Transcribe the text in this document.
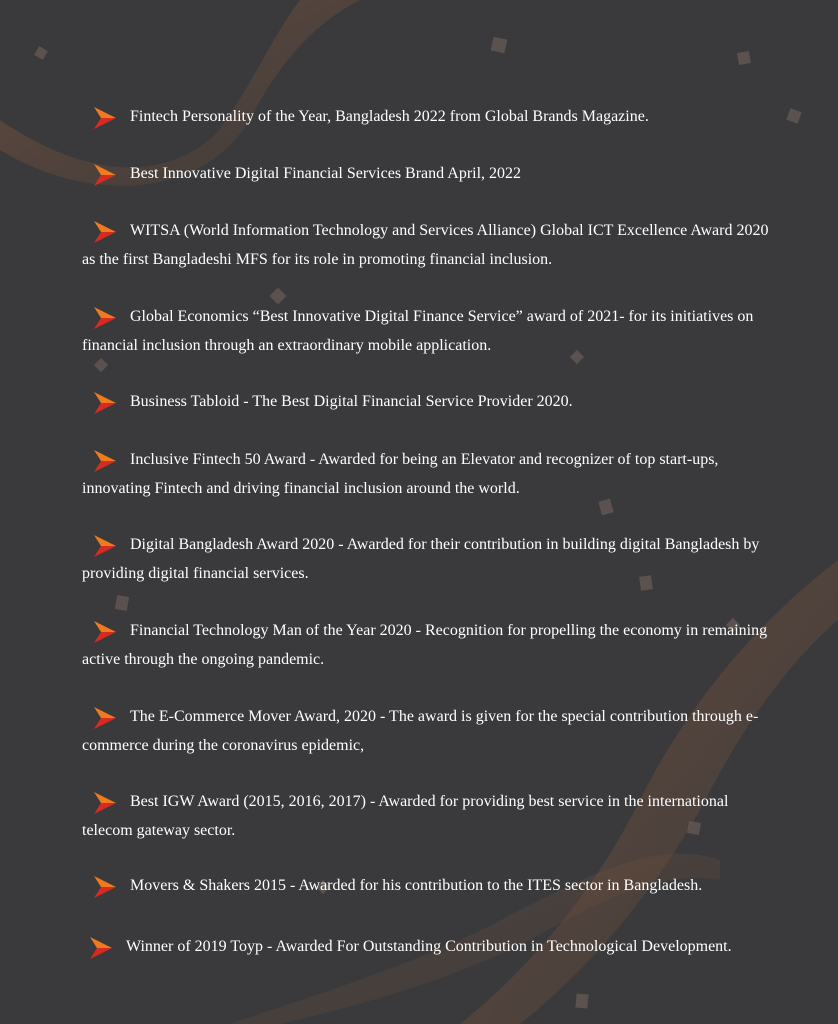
Fintech Personality of the Year, Bangladesh 2022 from Global Brands Magazine.
Best Innovative Digital Financial Services Brand April, 2022
WITSA (World Information Technology and Services Alliance) Global ICT Excellence Award 2020 as the first Bangladeshi MFS for its role in promoting financial inclusion.
Global Economics “Best Innovative Digital Finance Service” award of 2021- for its initiatives on financial inclusion through an extraordinary mobile application.
Business Tabloid - The Best Digital Financial Service Provider 2020.
Inclusive Fintech 50 Award - Awarded for being an Elevator and recognizer of top start-ups, innovating Fintech and driving financial inclusion around the world.
Digital Bangladesh Award 2020 - Awarded for their contribution in building digital Bangladesh by providing digital financial services.
Financial Technology Man of the Year 2020 - Recognition for propelling the economy in remaining active through the ongoing pandemic.
The E-Commerce Mover Award, 2020 - The award is given for the special contribution through e-commerce during the coronavirus epidemic,
Best IGW Award (2015, 2016, 2017) - Awarded for providing best service in the international telecom gateway sector.
Movers & Shakers 2015 - Awarded for his contribution to the ITES sector in Bangladesh.
Winner of 2019 Toyp - Awarded For Outstanding Contribution in Technological Development.
